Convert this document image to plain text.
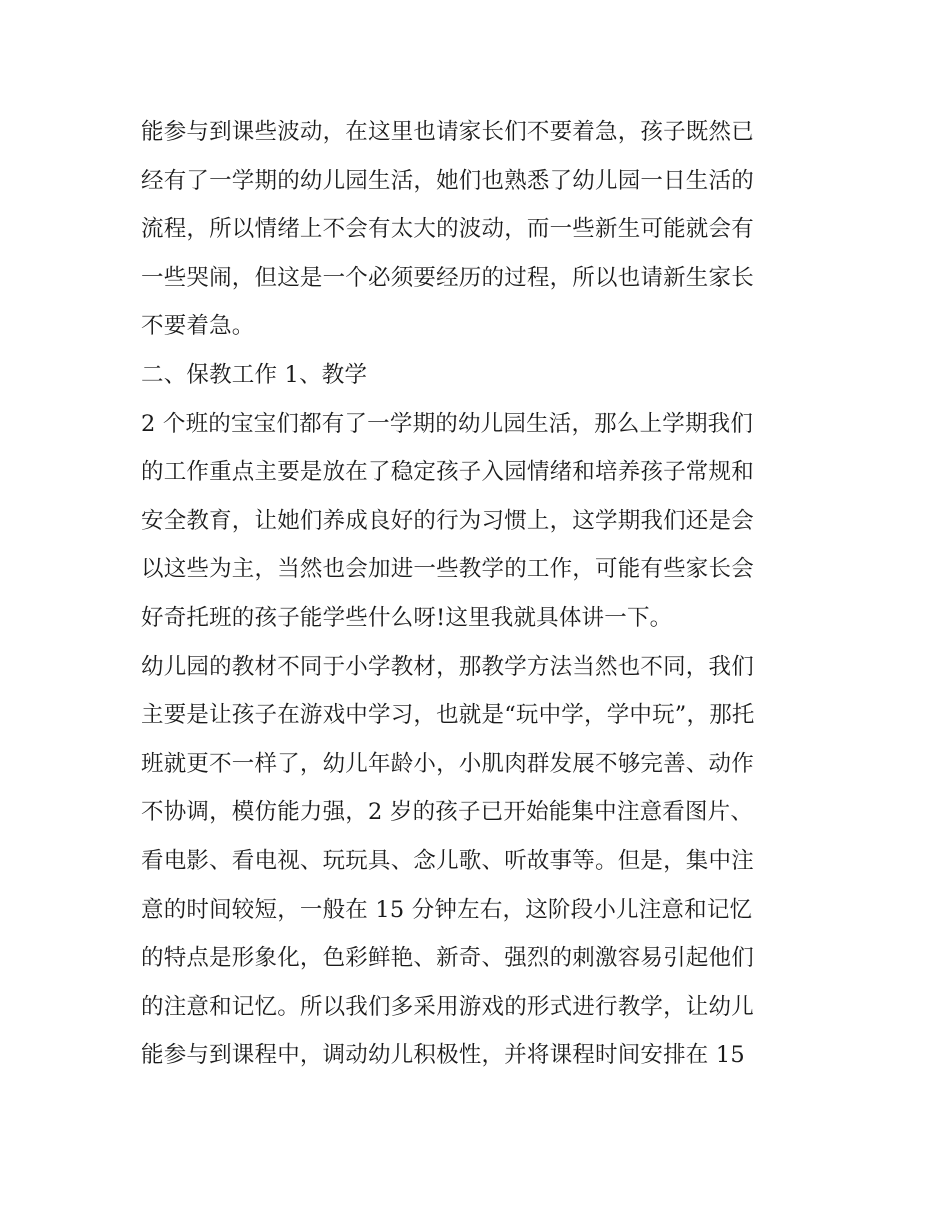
能参与到课些波动，在这里也请家长们不要着急，孩子既然已
经有了一学期的幼儿园生活，她们也熟悉了幼儿园一日生活的
流程，所以情绪上不会有太大的波动，而一些新生可能就会有
一些哭闹，但这是一个必须要经历的过程，所以也请新生家长
不要着急。
二、保教工作 1、教学
2 个班的宝宝们都有了一学期的幼儿园生活，那么上学期我们
的工作重点主要是放在了稳定孩子入园情绪和培养孩子常规和
安全教育，让她们养成良好的行为习惯上，这学期我们还是会
以这些为主，当然也会加进一些教学的工作，可能有些家长会
好奇托班的孩子能学些什么呀!这里我就具体讲一下。
幼儿园的教材不同于小学教材，那教学方法当然也不同，我们
主要是让孩子在游戏中学习，也就是“玩中学，学中玩”，那托
班就更不一样了，幼儿年龄小，小肌肉群发展不够完善、动作
不协调，模仿能力强，2 岁的孩子已开始能集中注意看图片、
看电影、看电视、玩玩具、念儿歌、听故事等。但是，集中注
意的时间较短，一般在 15 分钟左右，这阶段小儿注意和记忆
的特点是形象化，色彩鲜艳、新奇、强烈的刺激容易引起他们
的注意和记忆。所以我们多采用游戏的形式进行教学，让幼儿
能参与到课程中，调动幼儿积极性，并将课程时间安排在 15
